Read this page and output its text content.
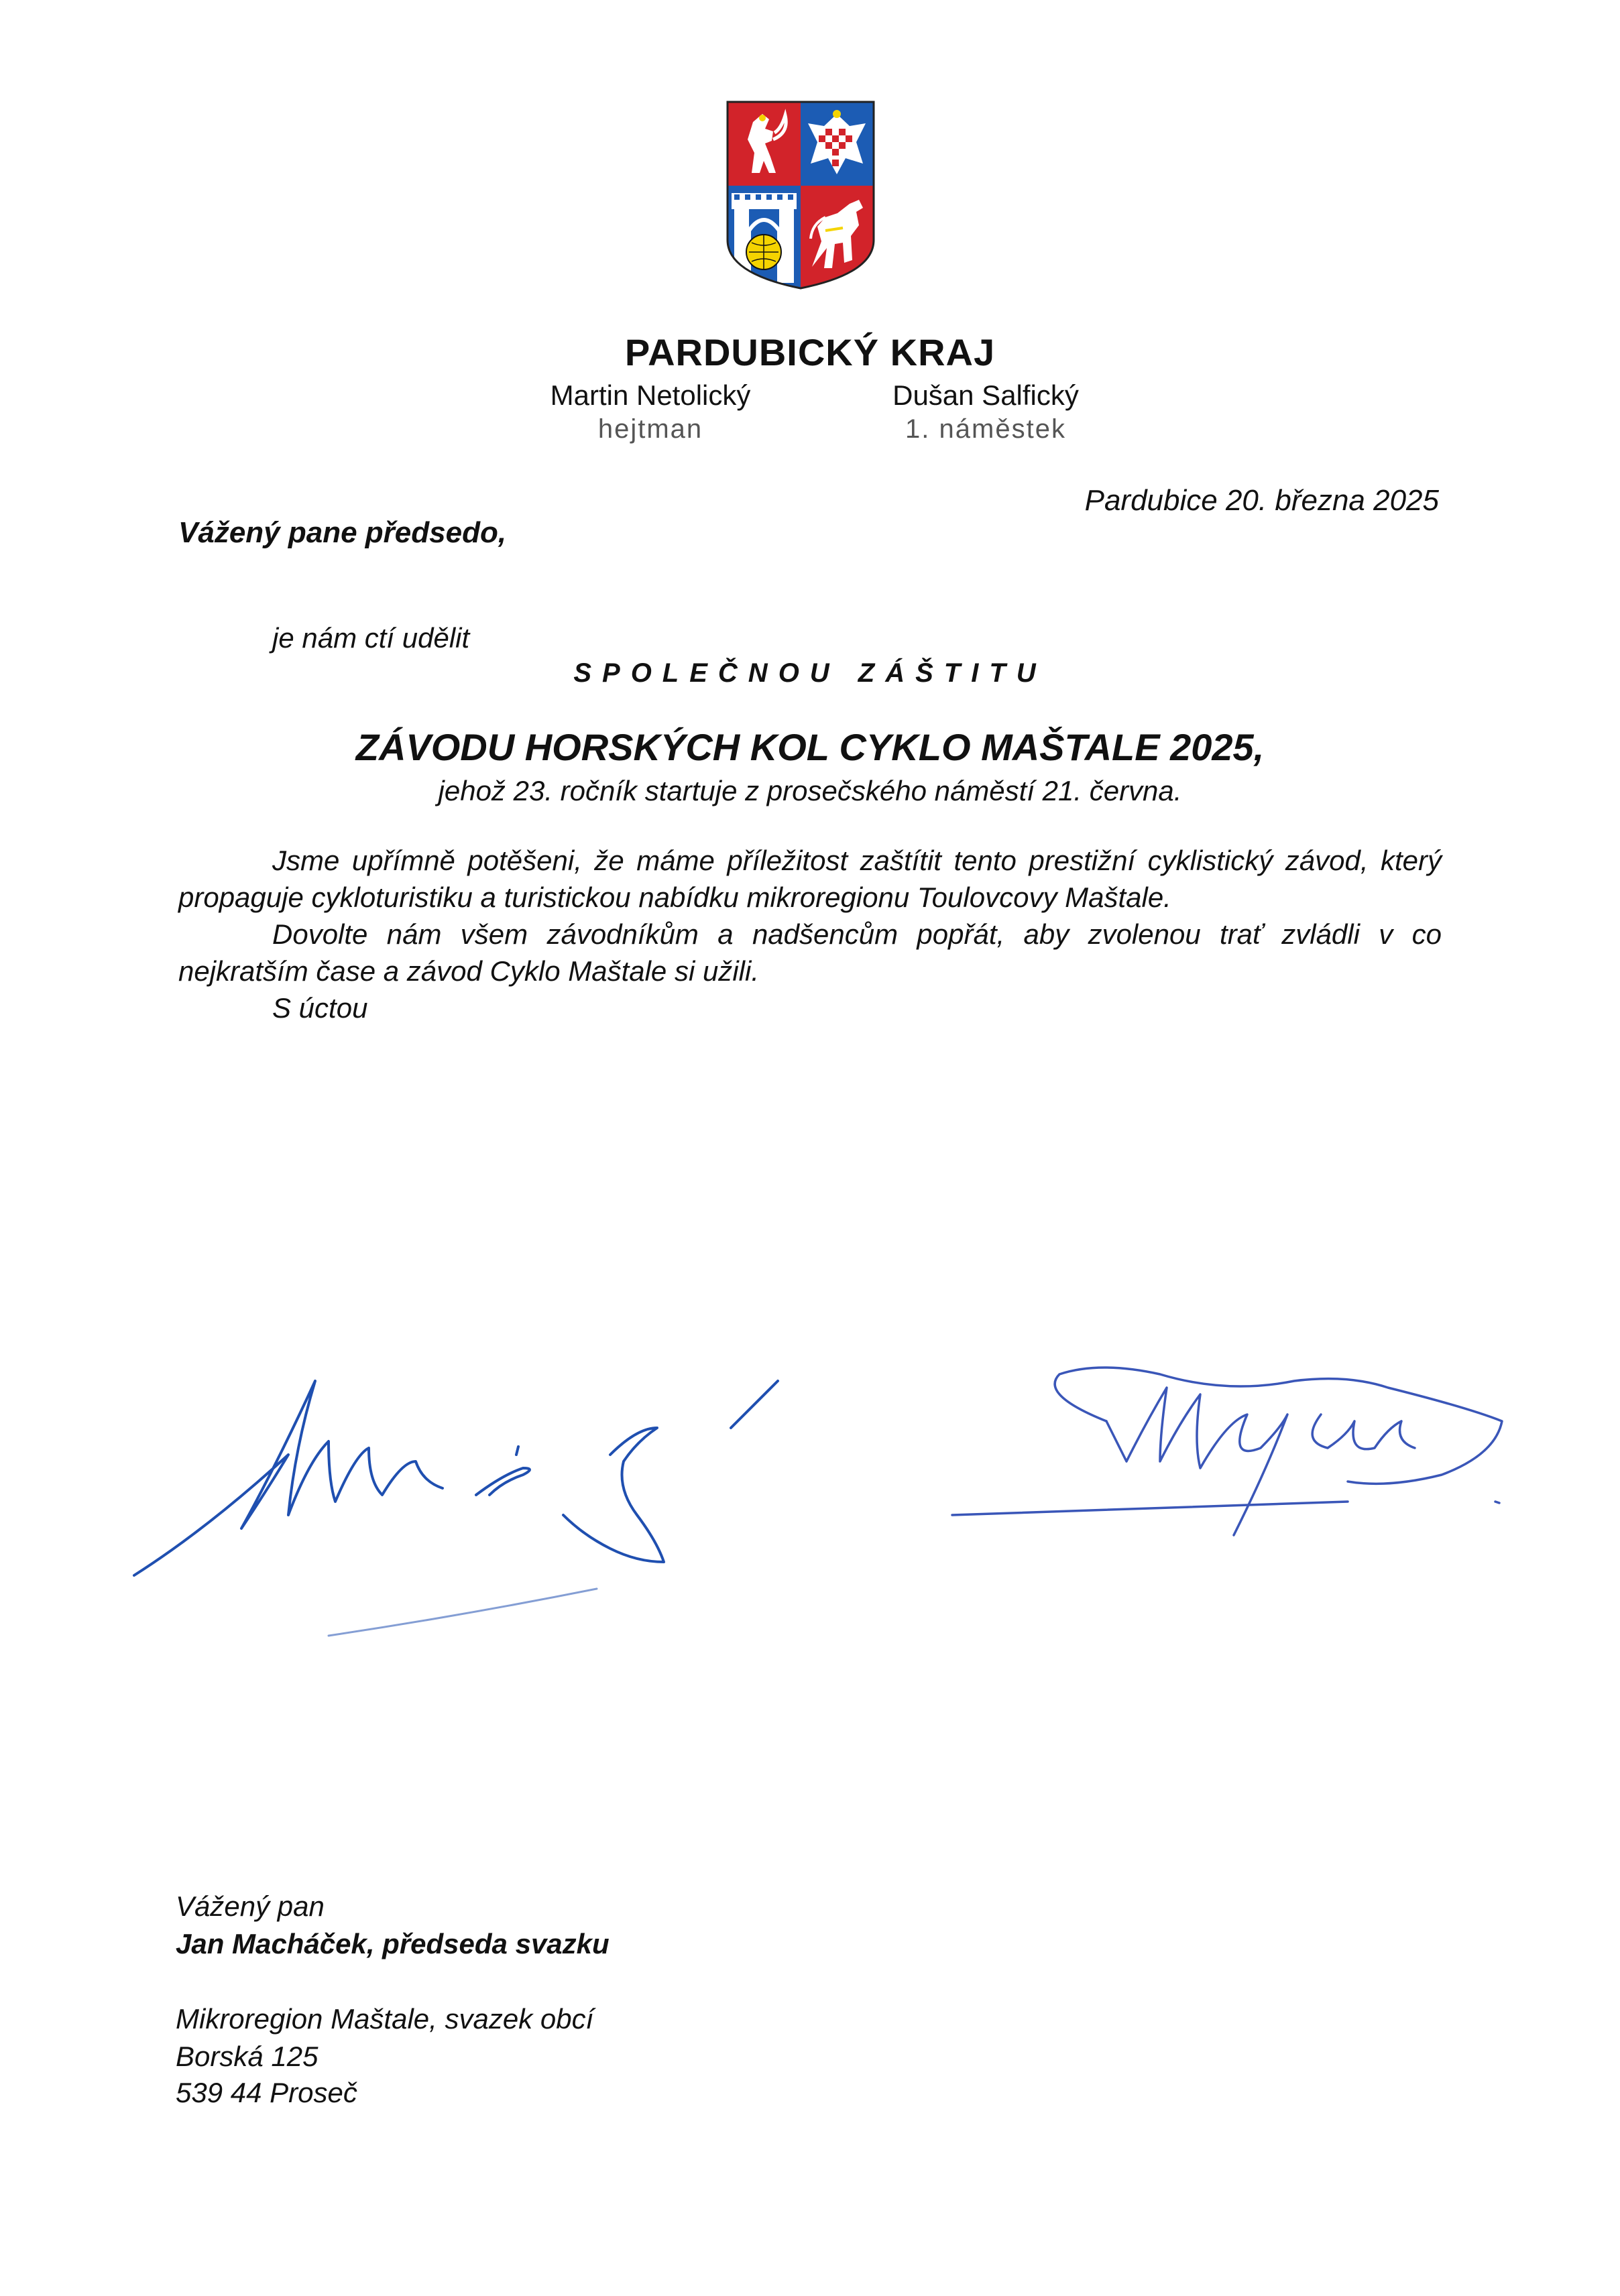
PARDUBICKÝ KRAJ
Martin Netolický	Dušan Salfický
hejtman	1. náměstek
Pardubice 20. března 2025
Vážený pane předsedo,
je nám ctí udělit
SPOLEČNOU ZÁŠTITU
ZÁVODU HORSKÝCH KOL CYKLO MAŠTALE 2025,
jehož 23. ročník startuje z prosečského náměstí 21. června.

Jsme upřímně potěšeni, že máme příležitost zaštítit tento prestižní cyklistický závod, který propaguje cykloturistiku a turistickou nabídku mikroregionu Toulovcovy Maštale.

Dovolte nám všem závodníkům a nadšencům popřát, aby zvolenou trať zvládli v co nejkratším čase a závod Cyklo Maštale si užili.

S úctou

Vážený pan
Jan Macháček, předseda svazku
Mikroregion Maštale, svazek obcí
Borská 125
539 44 Proseč
